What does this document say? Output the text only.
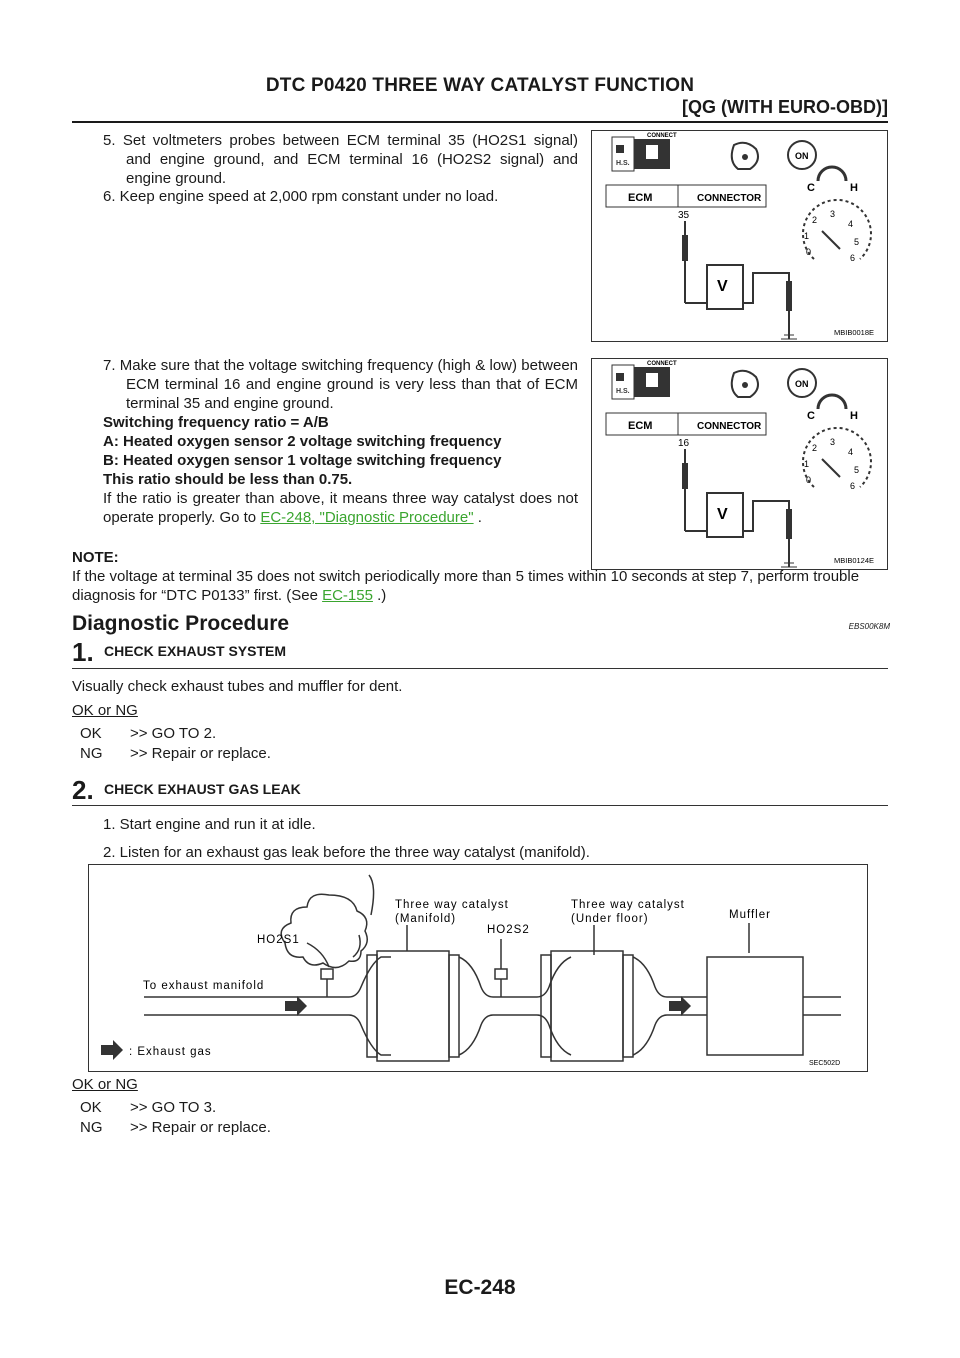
DTC P0420 THREE WAY CATALYST FUNCTION
[QG (WITH EURO-OBD)]
5. Set voltmeters probes between ECM terminal 35 (HO2S1 signal) and engine ground, and ECM terminal 16 (HO2S2 signal) and engine ground.
6. Keep engine speed at 2,000 rpm constant under no load.
H.S.
CONNECT
ON
ECM	CONNECTOR
35
V
C	H
0
1
2
3
4
5
6
MBIB0018E
7. Make sure that the voltage switching frequency (high & low) between ECM terminal 16 and engine ground is very less than that of ECM terminal 35 and engine ground.
Switching frequency ratio = A/B
A: Heated oxygen sensor 2 voltage switching frequency
B: Heated oxygen sensor 1 voltage switching frequency
This ratio should be less than 0.75.
If the ratio is greater than above, it means three way catalyst does not operate properly. Go to EC-248, "Diagnostic Procedure" .
H.S.
CONNECT
ON
ECM	CONNECTOR
16
V
C	H
0
1
2
3
4
5
6
MBIB0124E
NOTE:
If the voltage at terminal 35 does not switch periodically more than 5 times within 10 seconds at step 7, perform trouble diagnosis for “DTC P0133” first. (See EC-155 .)
Diagnostic Procedure	EBS00K8M
1. CHECK EXHAUST SYSTEM
Visually check exhaust tubes and muffler for dent.
OK or NG
OK >> GO TO 2.
NG >> Repair or replace.
2. CHECK EXHAUST GAS LEAK
1. Start engine and run it at idle.
2. Listen for an exhaust gas leak before the three way catalyst (manifold).
Three way catalyst
(Manifold)
Three way catalyst
(Under floor)	Muffler
HO2S1
HO2S2
To exhaust manifold
: Exhaust gas
SEC502D
OK or NG
OK >> GO TO 3.
NG >> Repair or replace.
EC-248
